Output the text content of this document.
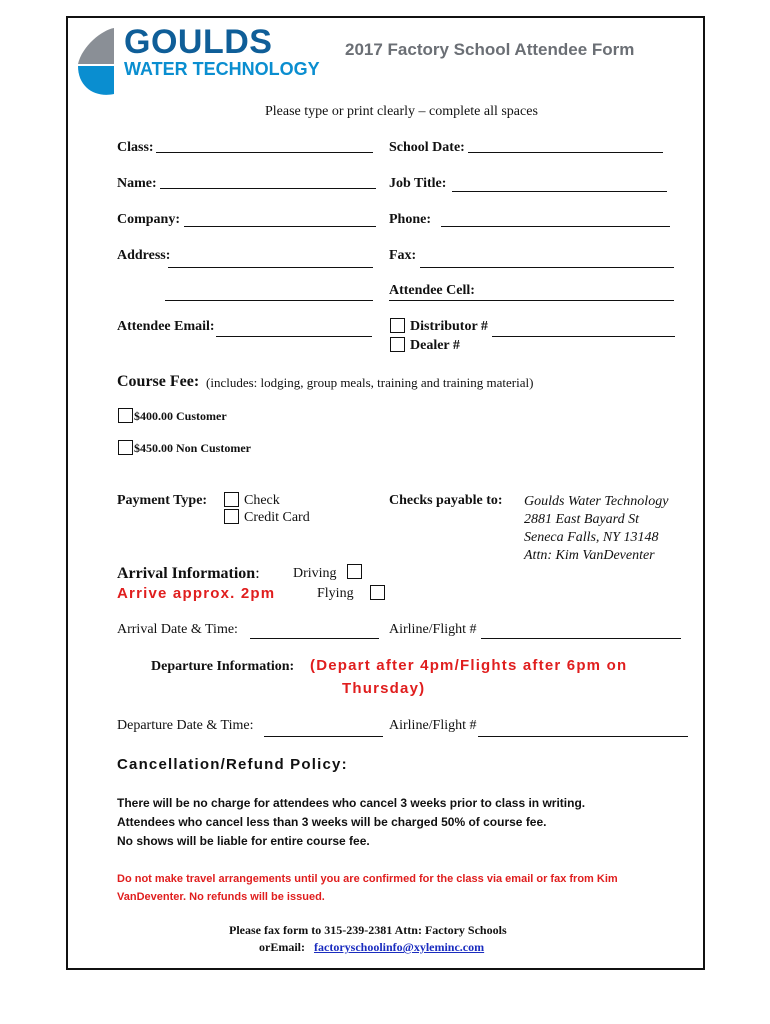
GOULDS
WATER TECHNOLOGY
2017 Factory School Attendee Form
Please type or print clearly – complete all spaces
Class:	School Date:
Name:	Job Title:
Company:	Phone:
Address:	Fax:
Attendee Cell:
Attendee Email:	Distributor #
Dealer #
Course Fee: (includes: lodging, group meals, training and training material)
$400.00 Customer
$450.00 Non Customer
Payment Type:	Check
Credit Card
Checks payable to: Goulds Water Technology
2881 East Bayard St
Seneca Falls, NY 13148
Attn: Kim VanDeventer
Arrival Information:
Arrive approx. 2pm
Driving
Flying
Arrival Date & Time:	Airline/Flight #
Departure Information: (Depart after 4pm/Flights after 6pm on
Thursday)
Departure Date & Time:	Airline/Flight #
Cancellation/Refund Policy:
There will be no charge for attendees who cancel 3 weeks prior to class in writing.
Attendees who cancel less than 3 weeks will be charged 50% of course fee.
No shows will be liable for entire course fee.
Do not make travel arrangements until you are confirmed for the class via email or fax from Kim
VanDeventer. No refunds will be issued.
Please fax form to 315-239-2381 Attn: Factory Schools
orEmail: factoryschoolinfo@xyleminc.com
